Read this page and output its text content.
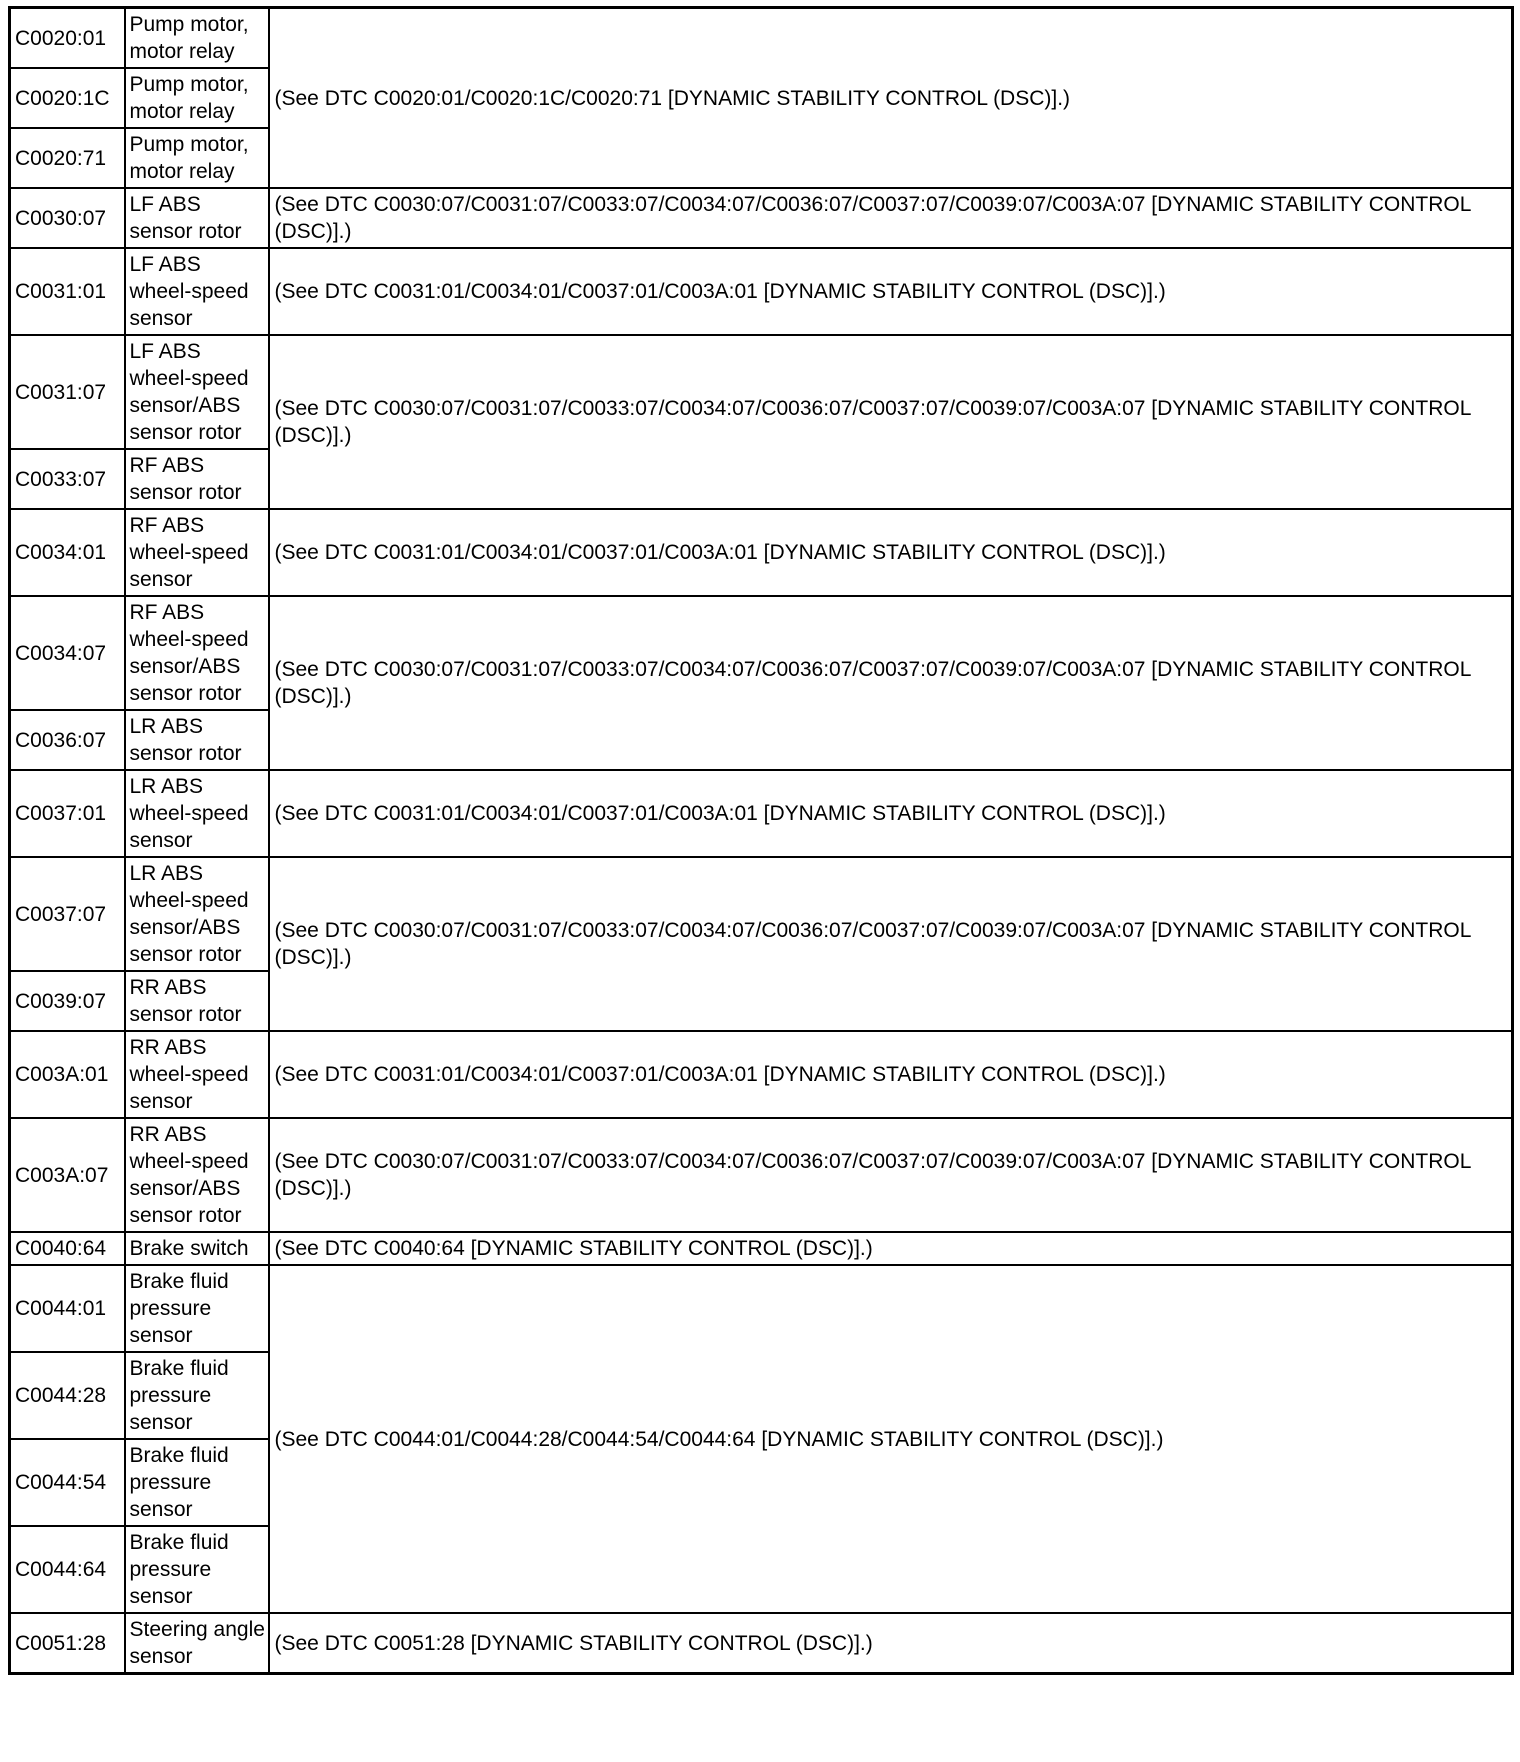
C0020:01	Pump motor, motor relay	(See DTC C0020:01/C0020:1C/C0020:71 [DYNAMIC STABILITY CONTROL (DSC)].)
C0020:1C	Pump motor, motor relay	
C0020:71	Pump motor, motor relay	
C0030:07	LF ABS sensor rotor	(See DTC C0030:07/C0031:07/C0033:07/C0034:07/C0036:07/C0037:07/C0039:07/C003A:07 [DYNAMIC STABILITY CONTROL (DSC)].)
C0031:01	LF ABS wheel-speed sensor	(See DTC C0031:01/C0034:01/C0037:01/C003A:01 [DYNAMIC STABILITY CONTROL (DSC)].)
C0031:07	LF ABS wheel-speed sensor/ABS sensor rotor	(See DTC C0030:07/C0031:07/C0033:07/C0034:07/C0036:07/C0037:07/C0039:07/C003A:07 [DYNAMIC STABILITY CONTROL (DSC)].)
C0033:07	RF ABS sensor rotor	
C0034:01	RF ABS wheel-speed sensor	(See DTC C0031:01/C0034:01/C0037:01/C003A:01 [DYNAMIC STABILITY CONTROL (DSC)].)
C0034:07	RF ABS wheel-speed sensor/ABS sensor rotor	(See DTC C0030:07/C0031:07/C0033:07/C0034:07/C0036:07/C0037:07/C0039:07/C003A:07 [DYNAMIC STABILITY CONTROL (DSC)].)
C0036:07	LR ABS sensor rotor	
C0037:01	LR ABS wheel-speed sensor	(See DTC C0031:01/C0034:01/C0037:01/C003A:01 [DYNAMIC STABILITY CONTROL (DSC)].)
C0037:07	LR ABS wheel-speed sensor/ABS sensor rotor	(See DTC C0030:07/C0031:07/C0033:07/C0034:07/C0036:07/C0037:07/C0039:07/C003A:07 [DYNAMIC STABILITY CONTROL (DSC)].)
C0039:07	RR ABS sensor rotor	
C003A:01	RR ABS wheel-speed sensor	(See DTC C0031:01/C0034:01/C0037:01/C003A:01 [DYNAMIC STABILITY CONTROL (DSC)].)
C003A:07	RR ABS wheel-speed sensor/ABS sensor rotor	(See DTC C0030:07/C0031:07/C0033:07/C0034:07/C0036:07/C0037:07/C0039:07/C003A:07 [DYNAMIC STABILITY CONTROL (DSC)].)
C0040:64	Brake switch	(See DTC C0040:64 [DYNAMIC STABILITY CONTROL (DSC)].)
C0044:01	Brake fluid pressure sensor	(See DTC C0044:01/C0044:28/C0044:54/C0044:64 [DYNAMIC STABILITY CONTROL (DSC)].)
C0044:28	Brake fluid pressure sensor	
C0044:54	Brake fluid pressure sensor	
C0044:64	Brake fluid pressure sensor	
C0051:28	Steering angle sensor	(See DTC C0051:28 [DYNAMIC STABILITY CONTROL (DSC)].)
